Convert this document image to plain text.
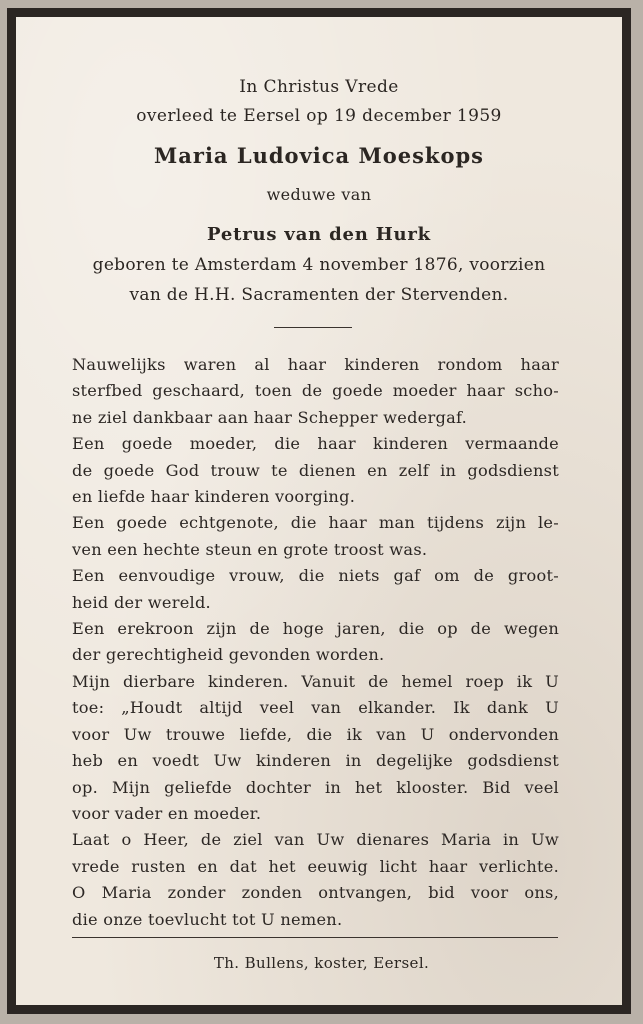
In Christus Vrede
overleed te Eersel op 19 december 1959
Maria Ludovica Moeskops
weduwe van
Petrus van den Hurk
geboren te Amsterdam 4 november 1876, voorzien
van de H.H. Sacramenten der Stervenden.
Nauwelijks waren al haar kinderen rondom haar
sterfbed geschaard, toen de goede moeder haar scho-
ne ziel dankbaar aan haar Schepper wedergaf.
Een goede moeder, die haar kinderen vermaande
de goede God trouw te dienen en zelf in godsdienst
en liefde haar kinderen voorging.
Een goede echtgenote, die haar man tijdens zijn le-
ven een hechte steun en grote troost was.
Een eenvoudige vrouw, die niets gaf om de groot-
heid der wereld.
Een erekroon zijn de hoge jaren, die op de wegen
der gerechtigheid gevonden worden.
Mijn dierbare kinderen. Vanuit de hemel roep ik U
toe: „Houdt altijd veel van elkander. Ik dank U
voor Uw trouwe liefde, die ik van U ondervonden
heb en voedt Uw kinderen in degelijke godsdienst
op. Mijn geliefde dochter in het klooster. Bid veel
voor vader en moeder.
Laat o Heer, de ziel van Uw dienares Maria in Uw
vrede rusten en dat het eeuwig licht haar verlichte.
O Maria zonder zonden ontvangen, bid voor ons,
die onze toevlucht tot U nemen.
Th. Bullens, koster, Eersel.
